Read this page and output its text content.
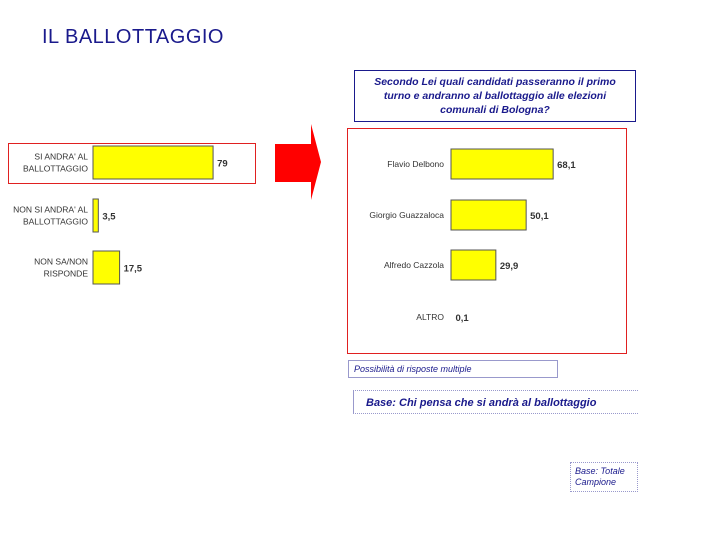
IL BALLOTTAGGIO
Secondo Lei quali candidati passeranno il primo turno e andranno al ballottaggio alle elezioni comunali di Bologna?
Possibilità di risposte multiple
Base: Chi pensa che si andrà al ballottaggio
Base: Totale
Campione
79
SI ANDRA' AL BALLOTTAGGIO
3,5
NON SI ANDRA' AL BALLOTTAGGIO
17,5
NON SA/NON RISPONDE
68,1
Flavio Delbono
50,1
Giorgio Guazzaloca
29,9
Alfredo Cazzola
0,1
ALTRO
